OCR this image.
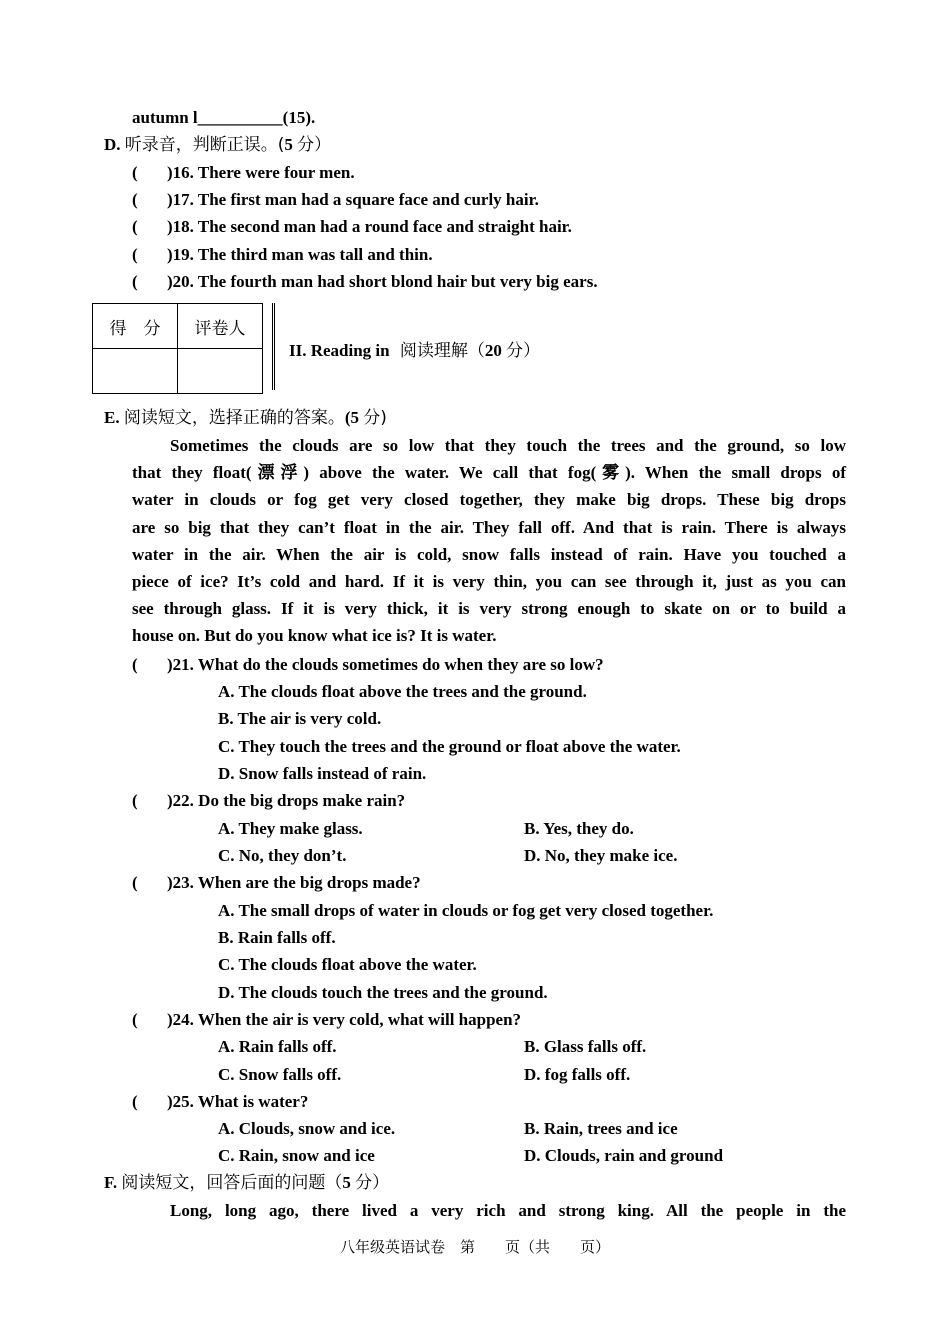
autumn l__________(15).
D. 听录音，判断正误。(5 分）
( )16. There were four men.
( )17. The first man had a square face and curly hair.
( )18. The second man had a round face and straight hair.
( )19. The third man was tall and thin.
( )20. The fourth man had short blond hair but very big ears.
得　分	评卷人

II. Reading in 阅读理解（20 分）
E. 阅读短文，选择正确的答案。(5 分)
Sometimes the clouds are so low that they touch the trees and the ground, so low
that they float(漂浮) above the water. We call that fog(雾). When the small drops of
water in clouds or fog get very closed together, they make big drops. These big drops
are so big that they can’t float in the air. They fall off. And that is rain. There is always
water in the air. When the air is cold, snow falls instead of rain. Have you touched a
piece of ice? It’s cold and hard. If it is very thin, you can see through it, just as you can
see through glass. If it is very thick, it is very strong enough to skate on or to build a
house on. But do you know what ice is? It is water.
( )21. What do the clouds sometimes do when they are so low?
A. The clouds float above the trees and the ground.
B. The air is very cold.
C. They touch the trees and the ground or float above the water.
D. Snow falls instead of rain.
( )22. Do the big drops make rain?
A. They make glass.	B. Yes, they do.
C. No, they don’t.	D. No, they make ice.
( )23. When are the big drops made?
A. The small drops of water in clouds or fog get very closed together.
B. Rain falls off.
C. The clouds float above the water.
D. The clouds touch the trees and the ground.
( )24. When the air is very cold, what will happen?
A. Rain falls off.	B. Glass falls off.
C. Snow falls off.	D. fog falls off.
( )25. What is water?
A. Clouds, snow and ice.	B. Rain, trees and ice
C. Rain, snow and ice	D. Clouds, rain and ground
F. 阅读短文，回答后面的问题（5 分）
Long, long ago, there lived a very rich and strong king. All the people in the
八年级英语试卷　第　　页（共　　页）
